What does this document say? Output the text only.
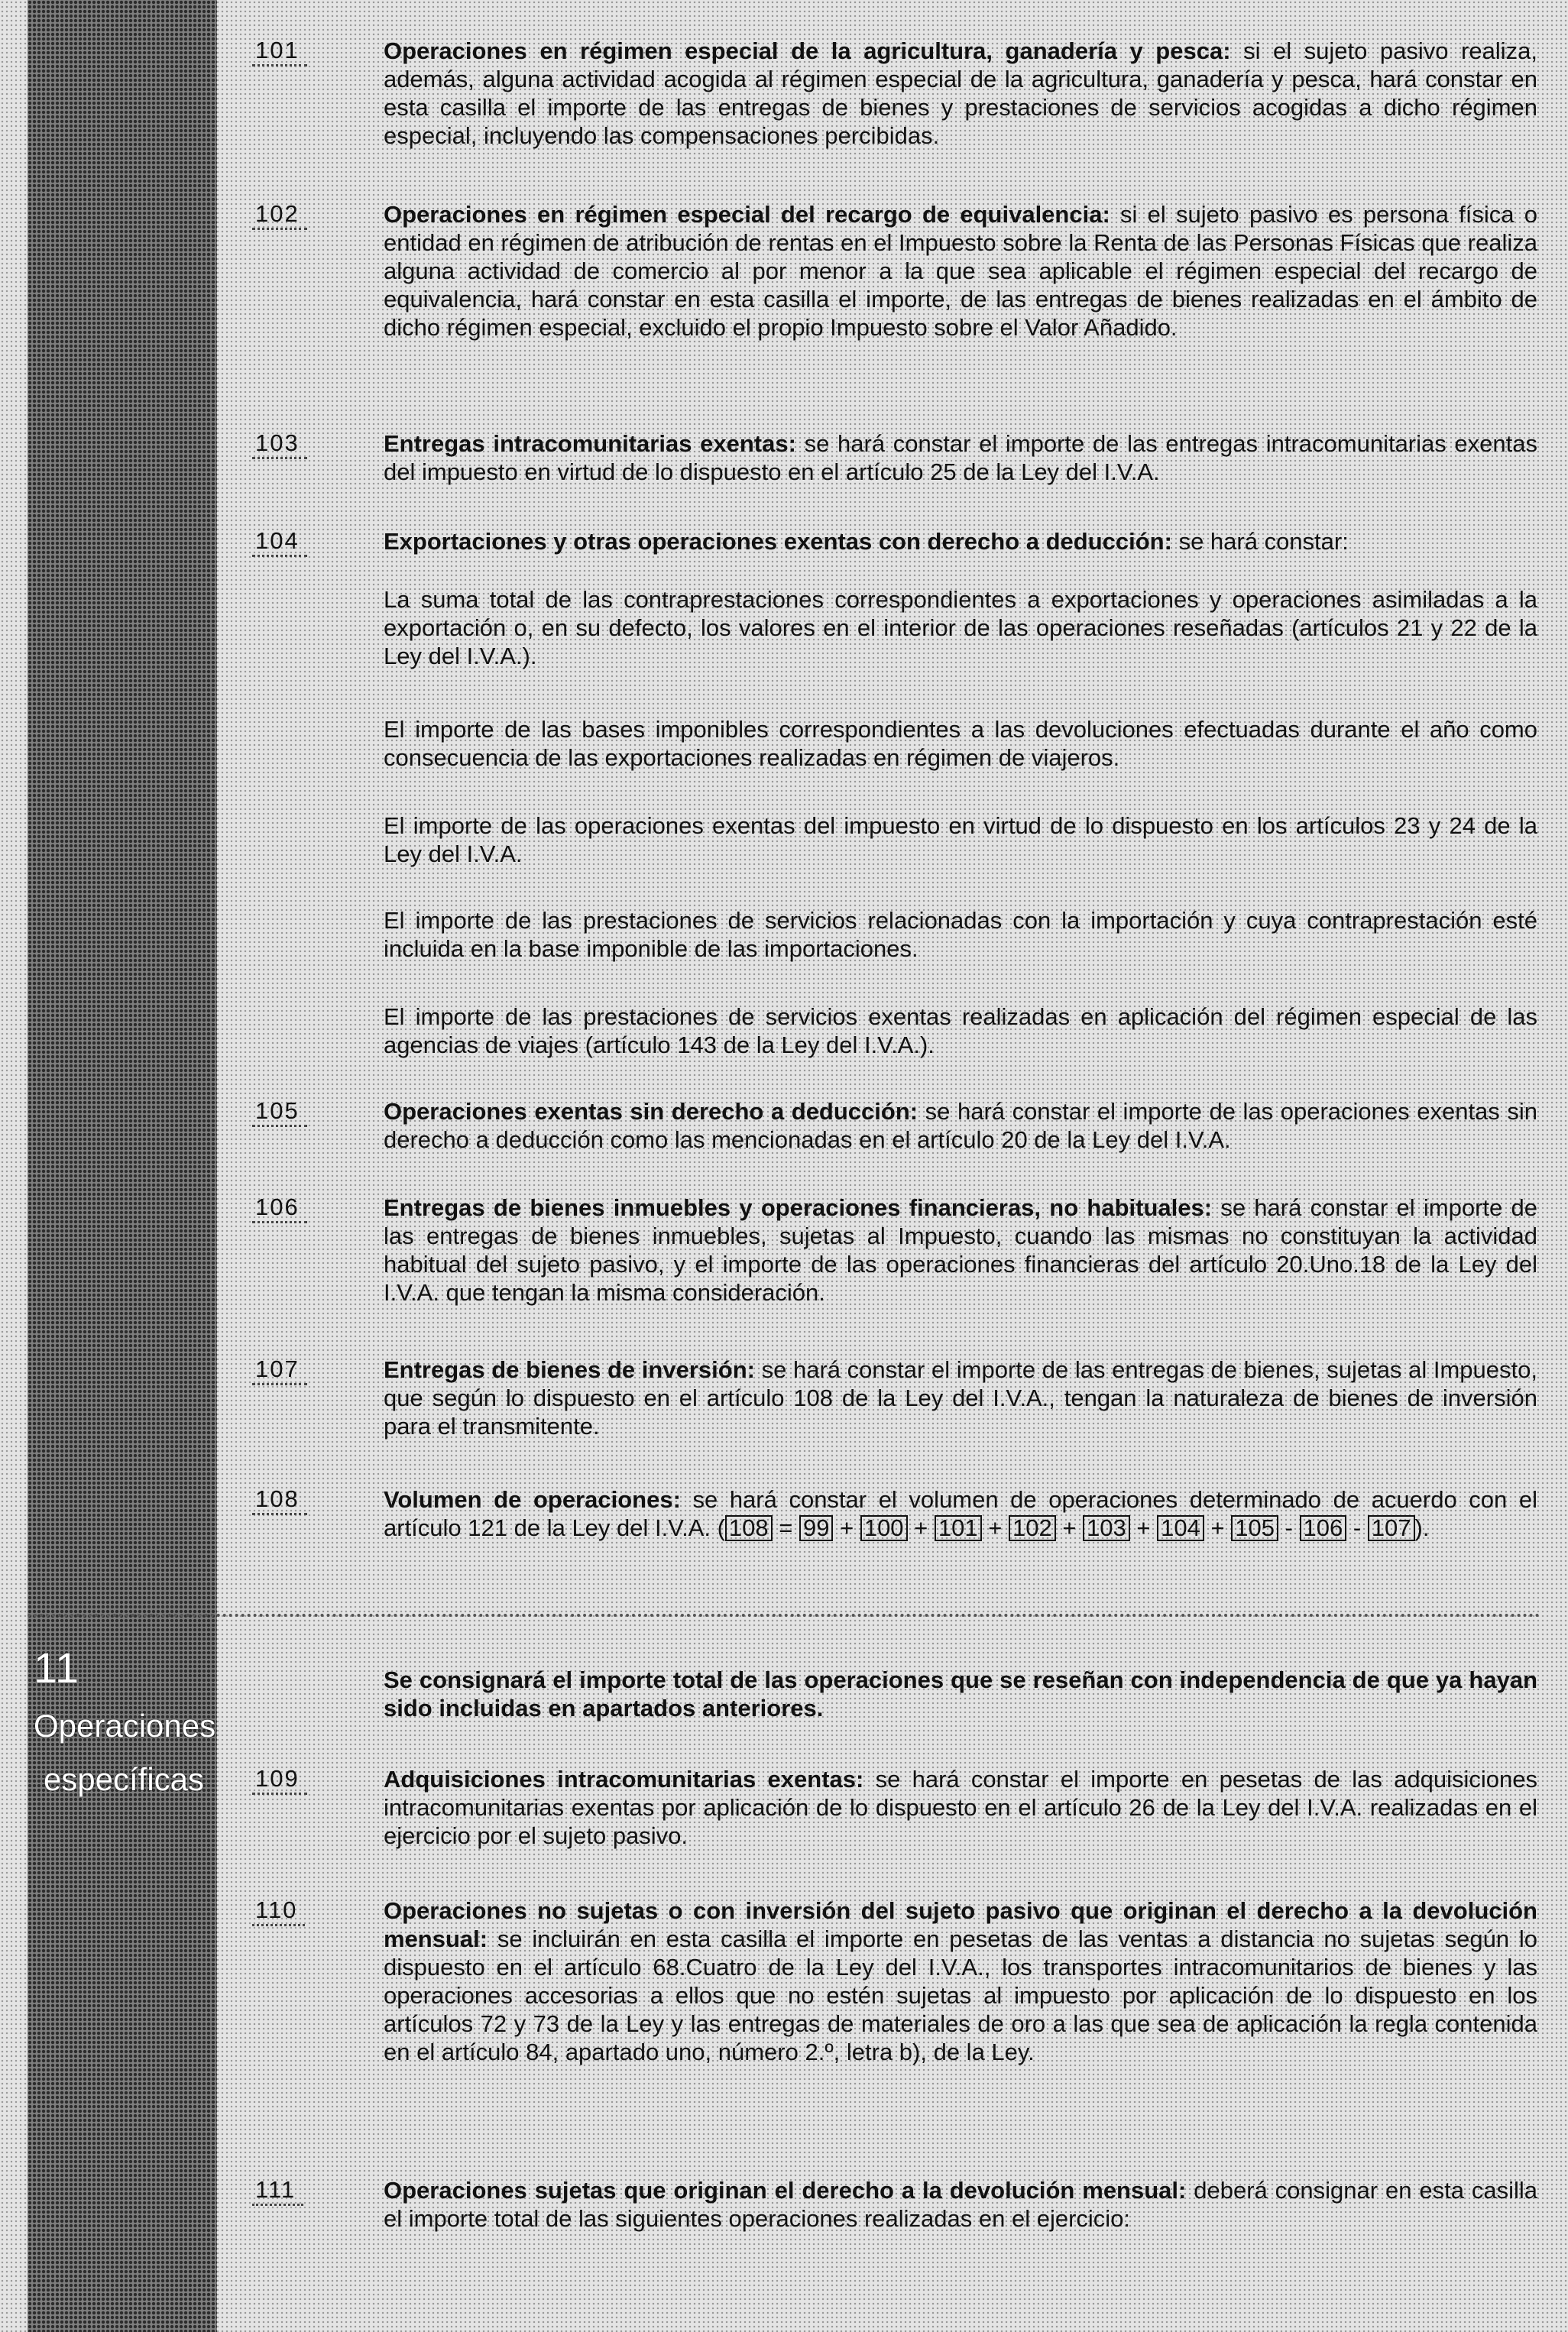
11
Operaciones específicas
101	Operaciones en régimen especial de la agricultura, ganadería y pesca: si el sujeto pasivo realiza, además, alguna actividad acogida al régimen especial de la agricultura, ganadería y pesca, hará constar en esta casilla el importe de las entregas de bienes y prestaciones de servicios acogidas a dicho régimen especial, incluyendo las compensaciones percibidas.
102	Operaciones en régimen especial del recargo de equivalencia: si el sujeto pasivo es persona física o entidad en régimen de atribución de rentas en el Impuesto sobre la Renta de las Personas Físicas que realiza alguna actividad de comercio al por menor a la que sea aplicable el régimen especial del recargo de equivalencia, hará constar en esta casilla el importe, de las entregas de bienes realizadas en el ámbito de dicho régimen especial, excluido el propio Impuesto sobre el Valor Añadido.
103	Entregas intracomunitarias exentas: se hará constar el importe de las entregas intracomunitarias exentas del impuesto en virtud de lo dispuesto en el artículo 25 de la Ley del I.V.A.
104	Exportaciones y otras operaciones exentas con derecho a deducción: se hará constar:
La suma total de las contraprestaciones correspondientes a exportaciones y operaciones asimiladas a la exportación o, en su defecto, los valores en el interior de las operaciones reseñadas (artículos 21 y 22 de la Ley del I.V.A.).
El importe de las bases imponibles correspondientes a las devoluciones efectuadas durante el año como consecuencia de las exportaciones realizadas en régimen de viajeros.
El importe de las operaciones exentas del impuesto en virtud de lo dispuesto en los artículos 23 y 24 de la Ley del I.V.A.
El importe de las prestaciones de servicios relacionadas con la importación y cuya contraprestación esté incluida en la base imponible de las importaciones.
El importe de las prestaciones de servicios exentas realizadas en aplicación del régimen especial de las agencias de viajes (artículo 143 de la Ley del I.V.A.).
105	Operaciones exentas sin derecho a deducción: se hará constar el importe de las operaciones exentas sin derecho a deducción como las mencionadas en el artículo 20 de la Ley del I.V.A.
106	Entregas de bienes inmuebles y operaciones financieras, no habituales: se hará constar el importe de las entregas de bienes inmuebles, sujetas al Impuesto, cuando las mismas no constituyan la actividad habitual del sujeto pasivo, y el importe de las operaciones financieras del artículo 20.Uno.18 de la Ley del I.V.A. que tengan la misma consideración.
107	Entregas de bienes de inversión: se hará constar el importe de las entregas de bienes, sujetas al Impuesto, que según lo dispuesto en el artículo 108 de la Ley del I.V.A., tengan la naturaleza de bienes de inversión para el transmitente.
108	Volumen de operaciones: se hará constar el volumen de operaciones determinado de acuerdo con el artículo 121 de la Ley del I.V.A. ( 108 = 99 + 100 + 101 + 102 + 103 + 104 + 105 - 106 - 107 ).
Se consignará el importe total de las operaciones que se reseñan con independencia de que ya hayan sido incluidas en apartados anteriores.
109	Adquisiciones intracomunitarias exentas: se hará constar el importe en pesetas de las adquisiciones intracomunitarias exentas por aplicación de lo dispuesto en el artículo 26 de la Ley del I.V.A. realizadas en el ejercicio por el sujeto pasivo.
110	Operaciones no sujetas o con inversión del sujeto pasivo que originan el derecho a la devolución mensual: se incluirán en esta casilla el importe en pesetas de las ventas a distancia no sujetas según lo dispuesto en el artículo 68.Cuatro de la Ley del I.V.A., los transportes intracomunitarios de bienes y las operaciones accesorias a ellos que no estén sujetas al impuesto por aplicación de lo dispuesto en los artículos 72 y 73 de la Ley y las entregas de materiales de oro a las que sea de aplicación la regla contenida en el artículo 84, apartado uno, número 2.º, letra b), de la Ley.
111	Operaciones sujetas que originan el derecho a la devolución mensual: deberá consignar en esta casilla el importe total de las siguientes operaciones realizadas en el ejercicio:
